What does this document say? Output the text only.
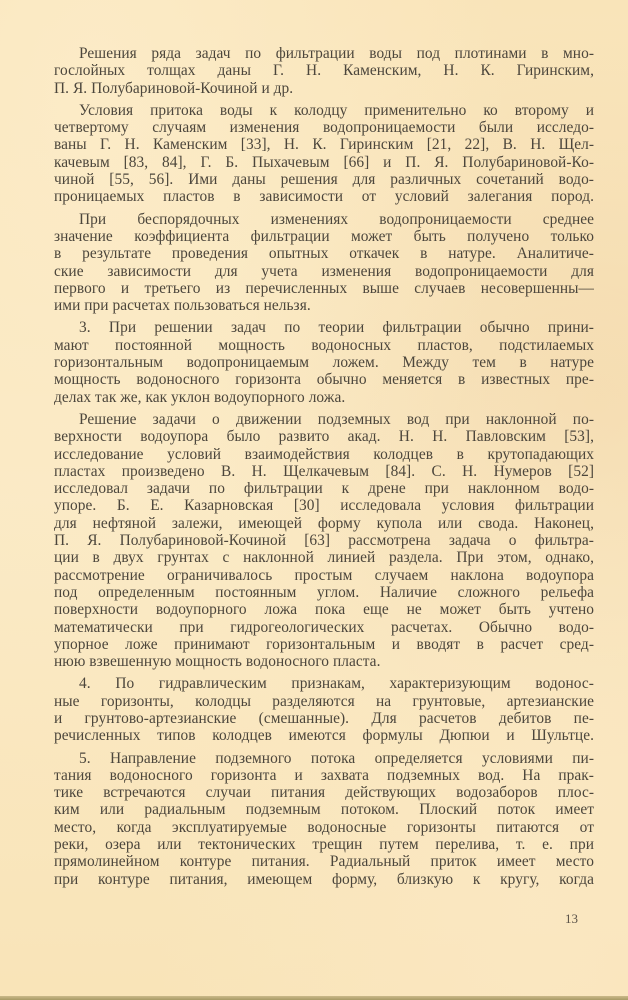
Решения ряда задач по фильтрации воды под плотинами в мно-
гослойных толщах даны Г. Н. Каменским, Н. К. Гиринским,
П. Я. Полубариновой-Кочиной и др.
Условия притока воды к колодцу применительно ко второму и
четвертому случаям изменения водопроницаемости были исследо-
ваны Г. Н. Каменским [33], Н. К. Гиринским [21, 22], В. Н. Щел-
качевым [83, 84], Г. Б. Пыхачевым [66] и П. Я. Полубариновой-Ко-
чиной [55, 56]. Ими даны решения для различных сочетаний водо-
проницаемых пластов в зависимости от условий залегания пород.
При беспорядочных изменениях водопроницаемости среднее
значение коэффициента фильтрации может быть получено только
в результате проведения опытных откачек в натуре. Аналитиче-
ские зависимости для учета изменения водопроницаемости для
первого и третьего из перечисленных выше случаев несовершенны—
ими при расчетах пользоваться нельзя.
3. При решении задач по теории фильтрации обычно прини-
мают постоянной мощность водоносных пластов, подстилаемых
горизонтальным водопроницаемым ложем. Между тем в натуре
мощность водоносного горизонта обычно меняется в известных пре-
делах так же, как уклон водоупорного ложа.
Решение задачи о движении подземных вод при наклонной по-
верхности водоупора было развито акад. Н. Н. Павловским [53],
исследование условий взаимодействия колодцев в крутопадающих
пластах произведено В. Н. Щелкачевым [84]. С. Н. Нумеров [52]
исследовал задачи по фильтрации к дрене при наклонном водо-
упоре. Б. Е. Казарновская [30] исследовала условия фильтрации
для нефтяной залежи, имеющей форму купола или свода. Наконец,
П. Я. Полубариновой-Кочиной [63] рассмотрена задача о фильтра-
ции в двух грунтах с наклонной линией раздела. При этом, однако,
рассмотрение ограничивалось простым случаем наклона водоупора
под определенным постоянным углом. Наличие сложного рельефа
поверхности водоупорного ложа пока еще не может быть учтено
математически при гидрогеологических расчетах. Обычно водо-
упорное ложе принимают горизонтальным и вводят в расчет сред-
нюю взвешенную мощность водоносного пласта.
4. По гидравлическим признакам, характеризующим водонос-
ные горизонты, колодцы разделяются на грунтовые, артезианские
и грунтово-артезианские (смешанные). Для расчетов дебитов пе-
речисленных типов колодцев имеются формулы Дюпюи и Шультце.
5. Направление подземного потока определяется условиями пи-
тания водоносного горизонта и захвата подземных вод. На прак-
тике встречаются случаи питания действующих водозаборов плос-
ким или радиальным подземным потоком. Плоский поток имеет
место, когда эксплуатируемые водоносные горизонты питаются от
реки, озера или тектонических трещин путем перелива, т. е. при
прямолинейном контуре питания. Радиальный приток имеет место
при контуре питания, имеющем форму, близкую к кругу, когда
13
